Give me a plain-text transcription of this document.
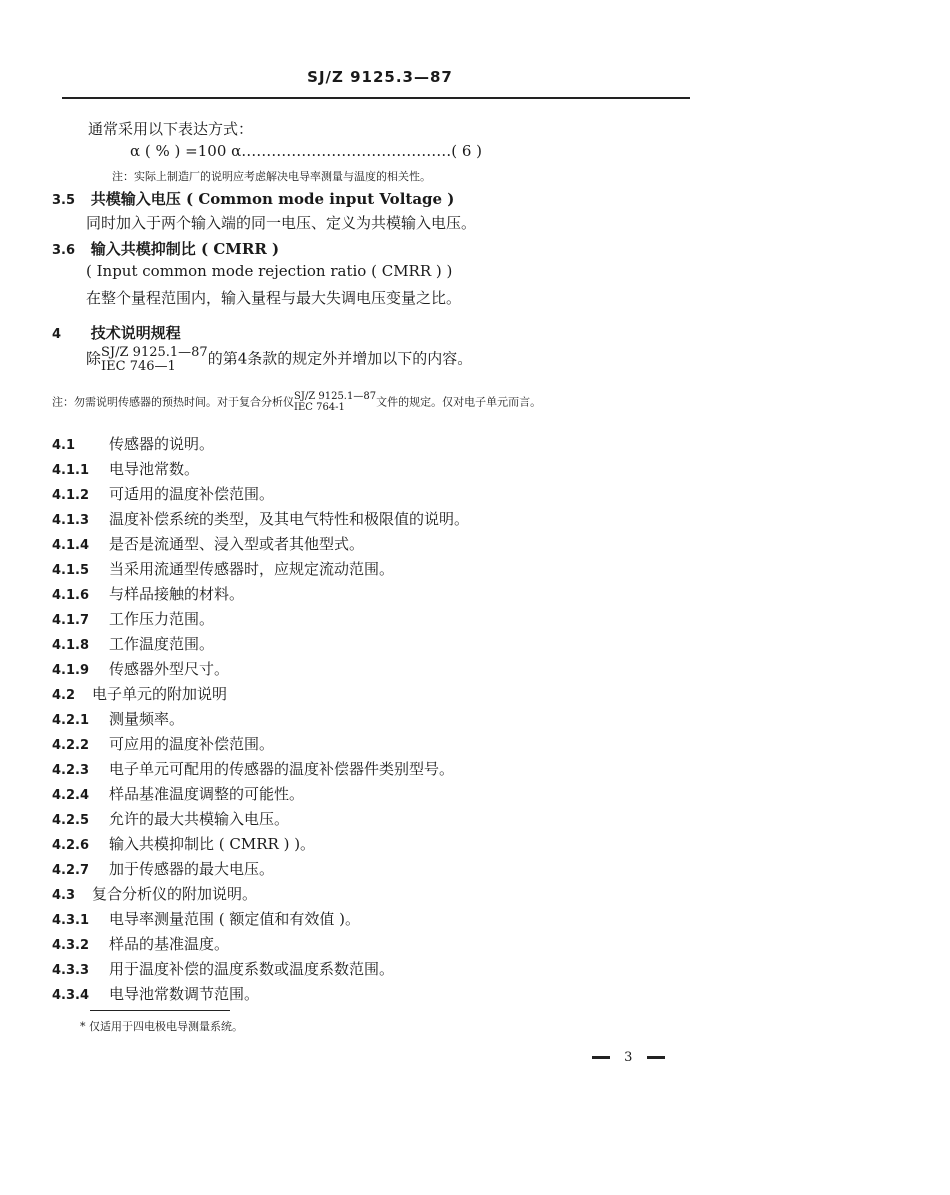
SJ/Z 9125.3—87
通常采用以下表达方式：
α ( % ) =100 α……………………………………( 6 )
注：实际上制造厂的说明应考虑解决电导率测量与温度的相关性。
3.5 共模输入电压 ( Common mode input Voltage )
同时加入于两个输入端的同一电压、定义为共模输入电压。
3.6 输入共模抑制比 ( CMRR )
( Input common mode rejection ratio ( CMRR ) )
在整个量程范围内，输入量程与最大失调电压变量之比。
4 技术说明规程
除 SJ/Z 9125.1—87
IEC 746—1	的第4条款的规定外并增加以下的内容。
注：勿需说明传感器的预热时间。对于复合分析仪 SJ/Z 9125.1—87
IEC 764-1	文件的规定。仅对电子单元而言。
4.1 传感器的说明。
4.1.1 电导池常数。
4.1.2 可适用的温度补偿范围。
4.1.3 温度补偿系统的类型，及其电气特性和极限值的说明。
4.1.4 是否是流通型、浸入型或者其他型式。
4.1.5 当采用流通型传感器时，应规定流动范围。
4.1.6 与样品接触的材料。
4.1.7 工作压力范围。
4.1.8 工作温度范围。
4.1.9 传感器外型尺寸。
4.2 电子单元的附加说明
4.2.1 测量频率。
4.2.2 可应用的温度补偿范围。
4.2.3 电子单元可配用的传感器的温度补偿器件类别型号。
4.2.4 样品基准温度调整的可能性。
4.2.5 允许的最大共模输入电压。
4.2.6 输入共模抑制比 ( CMRR ) )。
4.2.7 加于传感器的最大电压。
4.3 复合分析仪的附加说明。
4.3.1 电导率测量范围 ( 额定值和有效值 )。
4.3.2 样品的基准温度。
4.3.3 用于温度补偿的温度系数或温度系数范围。
4.3.4 电导池常数调节范围。
* 仅适用于四电极电导测量系统。
3
